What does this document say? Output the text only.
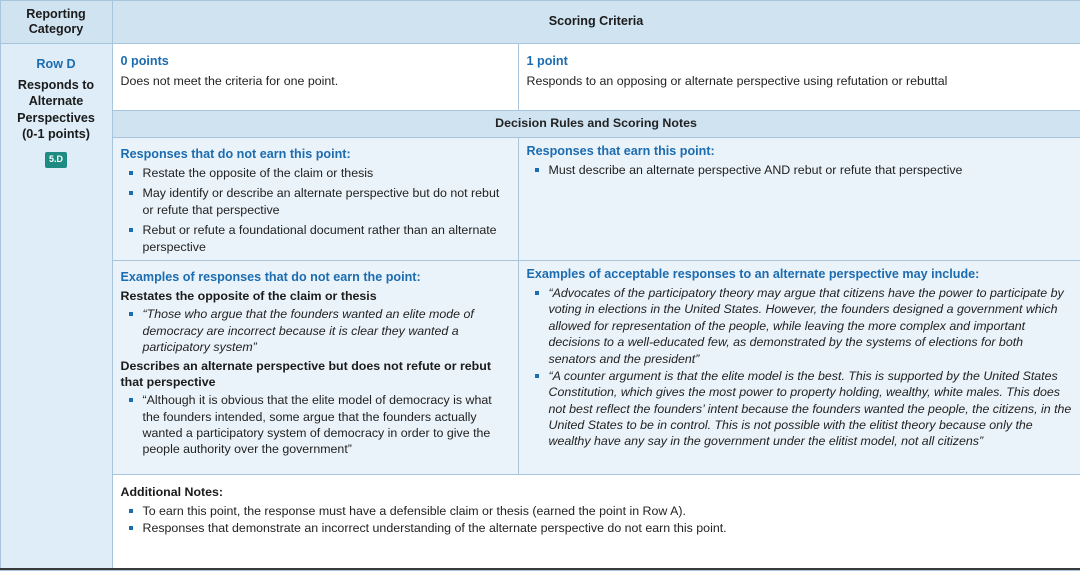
Reporting Category
Scoring Criteria
Row D
Responds to Alternate Perspectives
(0-1 points)
5.D
0 points
Does not meet the criteria for one point.
1 point
Responds to an opposing or alternate perspective using refutation or rebuttal
Decision Rules and Scoring Notes
Responses that do not earn this point:
Restate the opposite of the claim or thesis
May identify or describe an alternate perspective but do not rebut or refute that perspective
Rebut or refute a foundational document rather than an alternate perspective
Responses that earn this point:
Must describe an alternate perspective AND rebut or refute that perspective
Examples of responses that do not earn the point:
Restates the opposite of the claim or thesis
“Those who argue that the founders wanted an elite mode of democracy are incorrect because it is clear they wanted a participatory system”
Describes an alternate perspective but does not refute or rebut that perspective
“Although it is obvious that the elite model of democracy is what the founders intended, some argue that the founders actually wanted a participatory system of democracy in order to give the people authority over the government”
Examples of acceptable responses to an alternate perspective may include:
“Advocates of the participatory theory may argue that citizens have the power to participate by voting in elections in the United States. However, the founders designed a government which allowed for representation of the people, while leaving the more complex and important decisions to a well-educated few, as demonstrated by the systems of elections for both senators and the president”
“A counter argument is that the elite model is the best. This is supported by the United States Constitution, which gives the most power to property holding, wealthy, white males. This does not best reflect the founders’ intent because the founders wanted the people, the citizens, in the United States to be in control. This is not possible with the elitist theory because only the wealthy have any say in the government under the elitist model, not all citizens”
Additional Notes:
To earn this point, the response must have a defensible claim or thesis (earned the point in Row A).
Responses that demonstrate an incorrect understanding of the alternate perspective do not earn this point.
